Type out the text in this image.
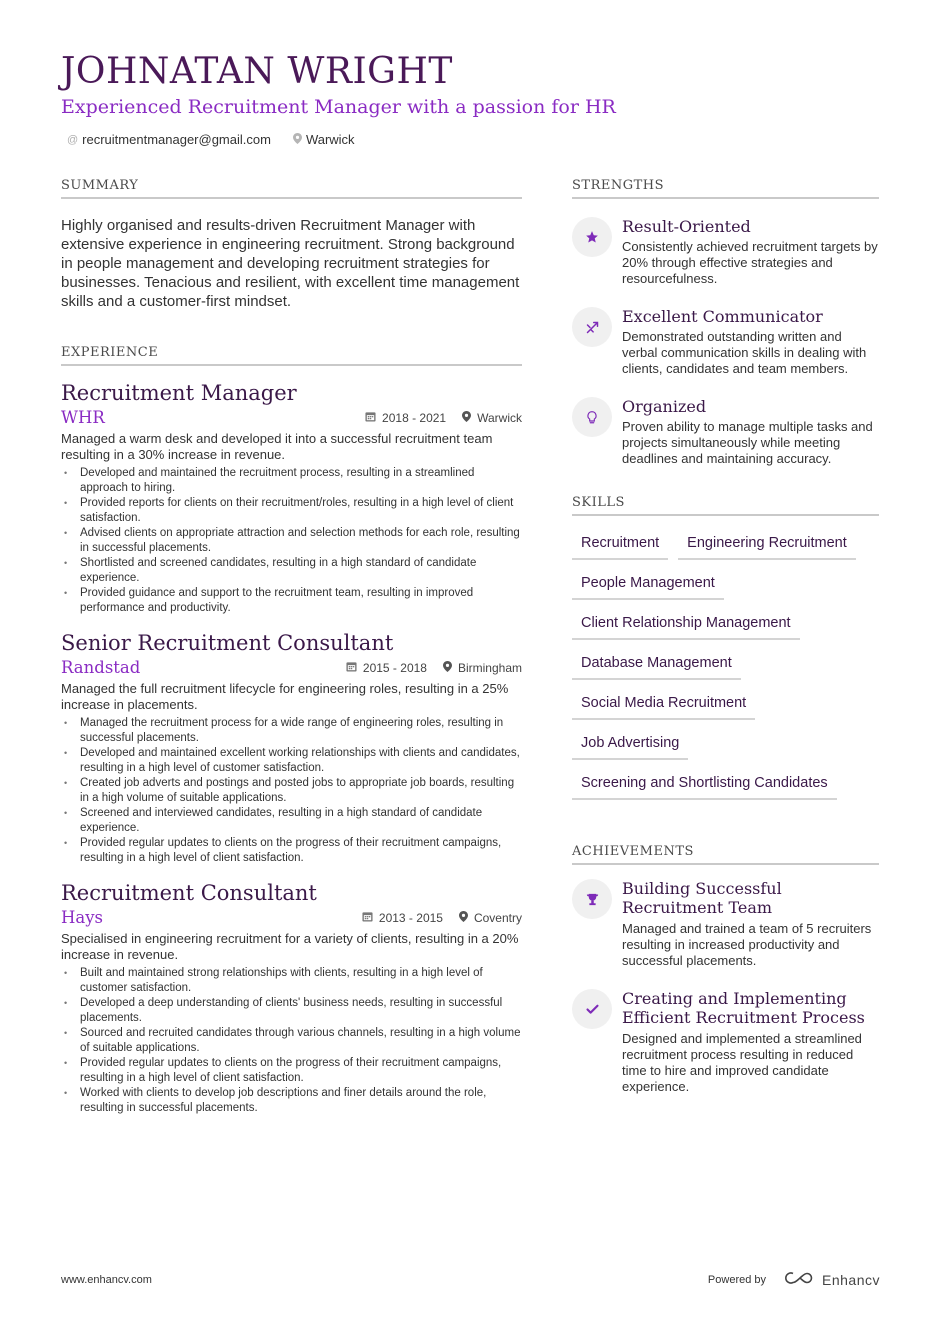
JOHNATAN WRIGHT
Experienced Recruitment Manager with a passion for HR
@ recruitmentmanager@gmail.com	Warwick
SUMMARY

Highly organised and results-driven Recruitment Manager with extensive experience in engineering recruitment. Strong background in people management and developing recruitment strategies for businesses. Tenacious and resilient, with excellent time management skills and a customer-first mindset.

EXPERIENCE
Recruitment Manager
WHR	2018 - 2021	Warwick

Managed a warm desk and developed it into a successful recruitment team resulting in a 30% increase in revenue.

• Developed and maintained the recruitment process, resulting in a streamlined approach to hiring.
• Provided reports for clients on their recruitment/roles, resulting in a high level of client satisfaction.
• Advised clients on appropriate attraction and selection methods for each role, resulting in successful placements.
• Shortlisted and screened candidates, resulting in a high standard of candidate experience.
• Provided guidance and support to the recruitment team, resulting in improved performance and productivity.
Senior Recruitment Consultant
Randstad	2015 - 2018	Birmingham

Managed the full recruitment lifecycle for engineering roles, resulting in a 25% increase in placements.

• Managed the recruitment process for a wide range of engineering roles, resulting in successful placements.
• Developed and maintained excellent working relationships with clients and candidates, resulting in a high level of customer satisfaction.
• Created job adverts and postings and posted jobs to appropriate job boards, resulting in a high volume of suitable applications.
• Screened and interviewed candidates, resulting in a high standard of candidate experience.
• Provided regular updates to clients on the progress of their recruitment campaigns, resulting in a high level of client satisfaction.
Recruitment Consultant
Hays	2013 - 2015	Coventry

Specialised in engineering recruitment for a variety of clients, resulting in a 20% increase in revenue.

• Built and maintained strong relationships with clients, resulting in a high level of customer satisfaction.
• Developed a deep understanding of clients' business needs, resulting in successful placements.
• Sourced and recruited candidates through various channels, resulting in a high volume of suitable applications.
• Provided regular updates to clients on the progress of their recruitment campaigns, resulting in a high level of client satisfaction.
• Worked with clients to develop job descriptions and finer details around the role, resulting in successful placements.
STRENGTHS
Result-Oriented
Consistently achieved recruitment targets by 20% through effective strategies and resourcefulness.
Excellent Communicator
Demonstrated outstanding written and verbal communication skills in dealing with clients, candidates and team members.
Organized
Proven ability to manage multiple tasks and projects simultaneously while meeting deadlines and maintaining accuracy.
SKILLS
Recruitment	Engineering Recruitment
People Management
Client Relationship Management
Database Management
Social Media Recruitment
Job Advertising
Screening and Shortlisting Candidates
ACHIEVEMENTS
Building Successful Recruitment Team
Managed and trained a team of 5 recruiters resulting in increased productivity and successful placements.
Creating and Implementing Efficient Recruitment Process
Designed and implemented a streamlined recruitment process resulting in reduced time to hire and improved candidate experience.
www.enhancv.com	Powered by	Enhancv
